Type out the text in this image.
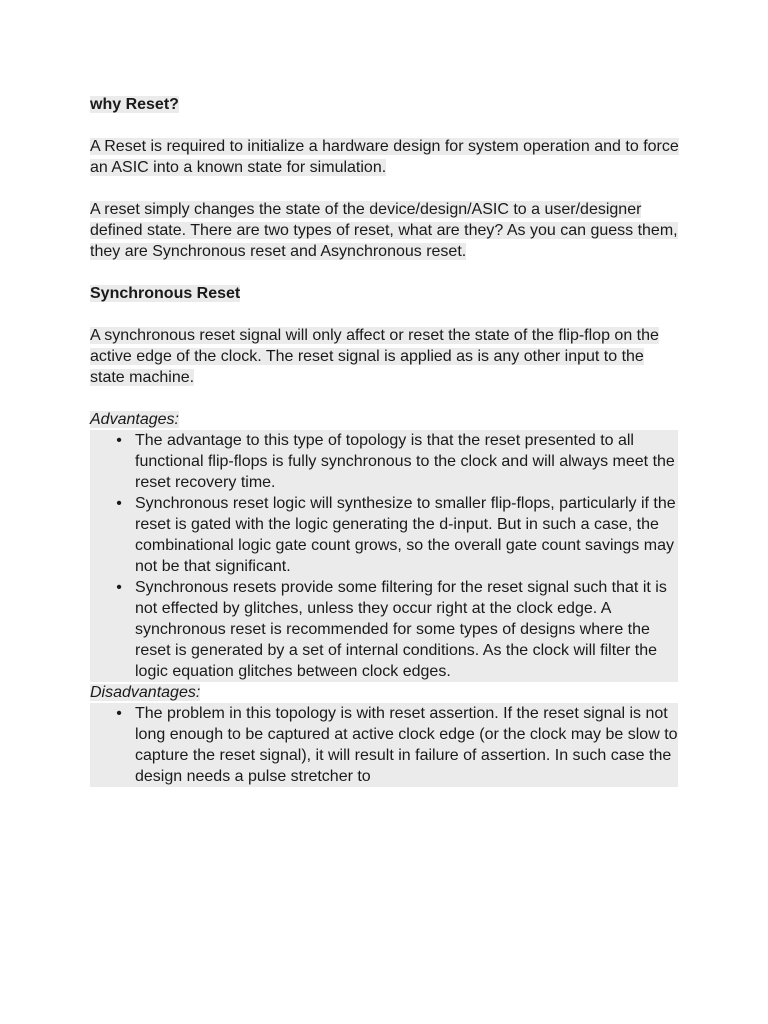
why Reset?

A Reset is required to initialize a hardware design for system operation and to force an ASIC into a known state for simulation.

A reset simply changes the state of the device/design/ASIC to a user/designer defined state. There are two types of reset, what are they? As you can guess them, they are Synchronous reset and Asynchronous reset.

Synchronous Reset

A synchronous reset signal will only affect or reset the state of the flip-flop on the active edge of the clock. The reset signal is applied as is any other input to the state machine.

Advantages:

• The advantage to this type of topology is that the reset presented to all functional flip-flops is fully synchronous to the clock and will always meet the reset recovery time.
• Synchronous reset logic will synthesize to smaller flip-flops, particularly if the reset is gated with the logic generating the d-input. But in such a case, the combinational logic gate count grows, so the overall gate count savings may not be that significant.
• Synchronous resets provide some filtering for the reset signal such that it is not effected by glitches, unless they occur right at the clock edge. A synchronous reset is recommended for some types of designs where the reset is generated by a set of internal conditions. As the clock will filter the logic equation glitches between clock edges.

Disadvantages:

• The problem in this topology is with reset assertion. If the reset signal is not long enough to be captured at active clock edge (or the clock may be slow to capture the reset signal), it will result in failure of assertion. In such case the design needs a pulse stretcher to
